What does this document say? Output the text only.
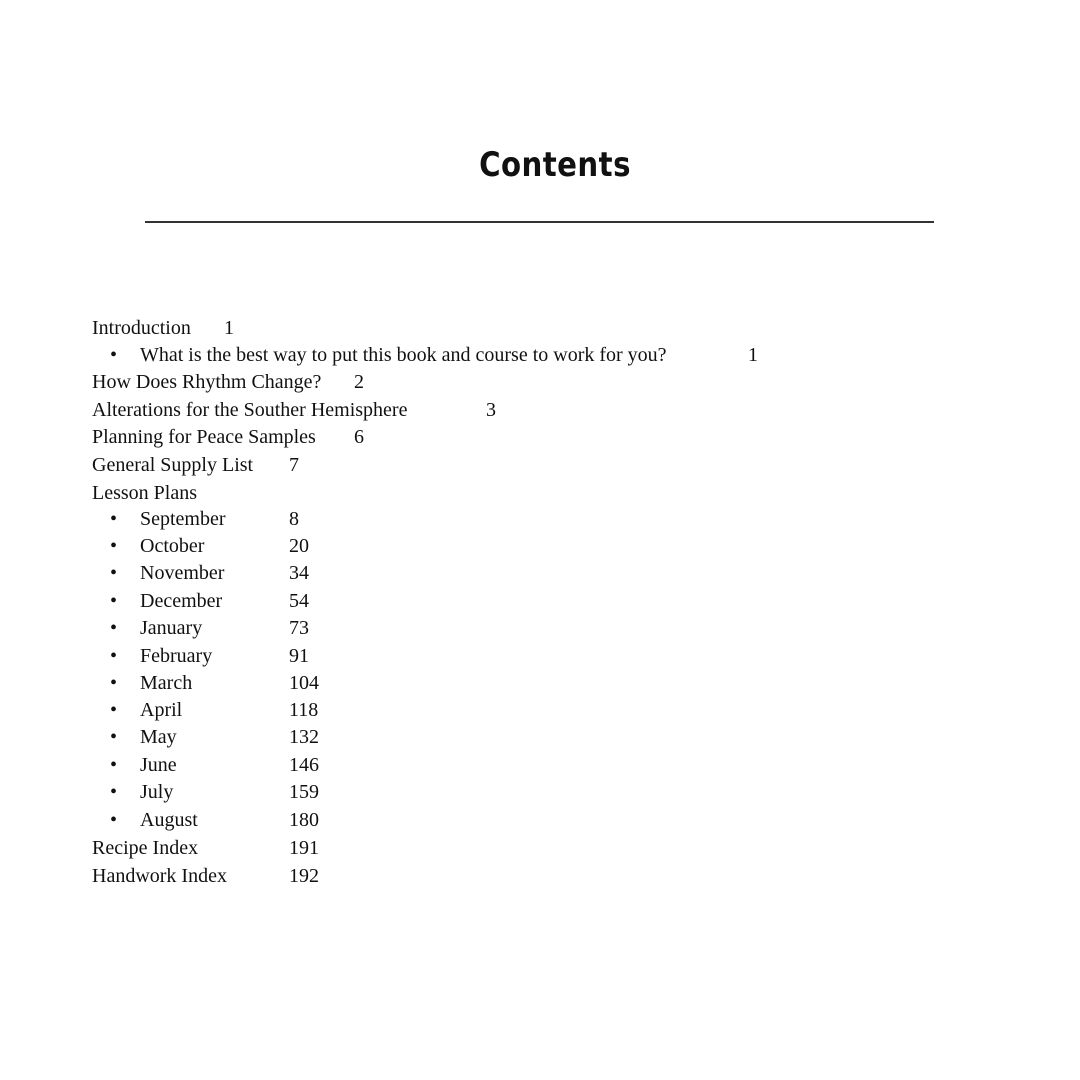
Contents
Introduction 1
• What is the best way to put this book and course to work for you?	1
How Does Rhythm Change? 2
Alterations for the Souther Hemisphere	3
Planning for Peace Samples 6
General Supply List 7
Lesson Plans
• September	8
• October	20
• November	34
• December	54
• January	73
• February	91
• March	104
• April	118
• May	132
• June	146
• July	159
• August	180
Recipe Index	191
Handwork Index	192
